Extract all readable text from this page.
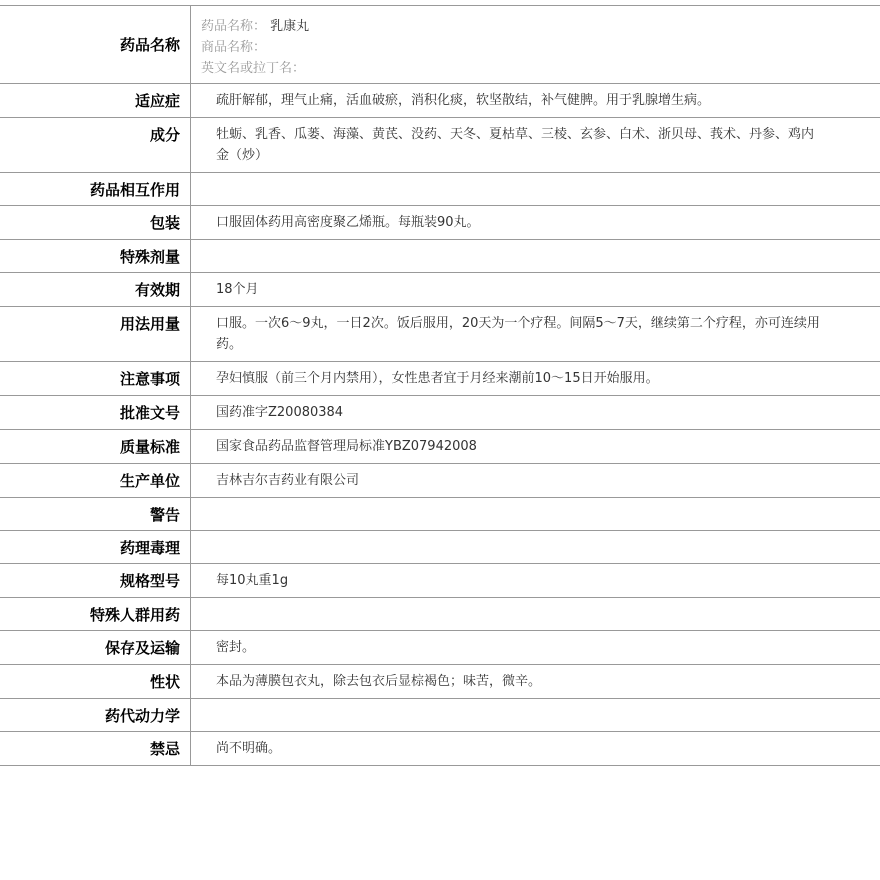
药品名称
药品名称： 乳康丸
商品名称：
英文名或拉丁名：
适应症	疏肝解郁，理气止痛，活血破瘀，消积化痰，软坚散结，补气健脾。用于乳腺增生病。
成分	牡蛎、乳香、瓜蒌、海藻、黄芪、没药、天冬、夏枯草、三棱、玄参、白术、浙贝母、莪术、丹参、鸡内金（炒）
药品相互作用
包装	口服固体药用高密度聚乙烯瓶。每瓶装90丸。
特殊剂量
有效期	18个月
用法用量	口服。一次6～9丸，一日2次。饭后服用，20天为一个疗程。间隔5～7天，继续第二个疗程，亦可连续用药。
注意事项	孕妇慎服（前三个月内禁用），女性患者宜于月经来潮前10～15日开始服用。
批准文号	国药准字Z20080384
质量标准	国家食品药品监督管理局标准YBZ07942008
生产单位	吉林吉尔吉药业有限公司
警告
药理毒理
规格型号	每10丸重1g
特殊人群用药
保存及运输	密封。
性状	本品为薄膜包衣丸，除去包衣后显棕褐色；味苦，微辛。
药代动力学
禁忌	尚不明确。
